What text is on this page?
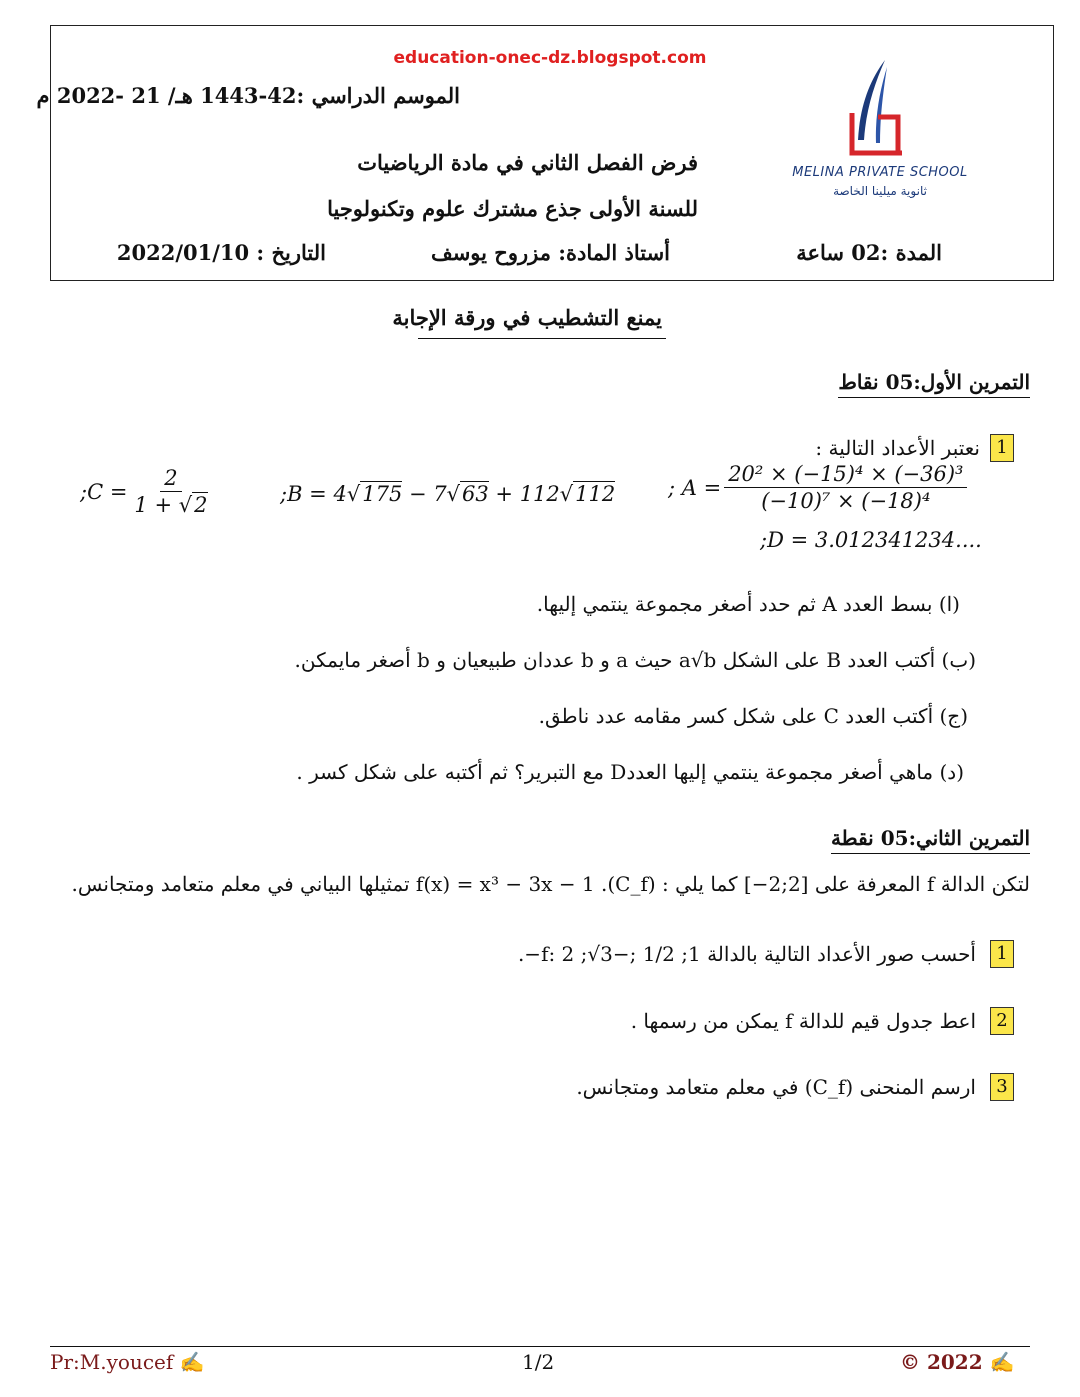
education-onec-dz.blogspot.com
الموسم الدراسي :42-1443 هـ/ 21 -2022 م
فرض الفصل الثاني في مادة الرياضيات
للسنة الأولى جذع مشترك علوم وتكنولوجيا
المدة :02 ساعة
أستاذ المادة: مزروح يوسف
التاريخ : 2022/01/10
MELINA PRIVATE SCHOOL
ثانوية ميلينا الخاصة
يمنع التشطيب في ورقة الإجابة
التمرين الأول:05 نقاط
1
نعتبر الأعداد التالية :
; $A = \frac{\text{20² × (−15)⁴ × (−36)³}}{\text{(−10)⁷ × (−18)⁴}}$
;B = 4√175 − 7√63 + 112√112
;C = $\frac{2}{1 + √2}$
;D = 3.012341234....
(ا) بسط العدد A ثم حدد أصغر مجموعة ينتمي إليها.
(ب) أكتب العدد B على الشكل a√b حيث a و b عددان طبيعيان و b أصغر مايمكن.
(ج) أكتب العدد C على شكل كسر مقامه عدد ناطق.
(د) ماهي أصغر مجموعة ينتمي إليها العددD مع التبرير؟ ثم أكتبه على شكل كسر .
التمرين الثاني:05 نقطة
لتكن الدالة f المعرفة على [2;2−] كما يلي : f(x) = x³ − 3x − 1 .(C_f) تمثيلها البياني في معلم متعامد ومتجانس.
1
أحسب صور الأعداد التالية بالدالة f: 2 ;√3−; 1/2 ;1−.
2
اعط جدول قيم للدالة f يمكن من رسمها .
3
ارسم المنحنى (C_f) في معلم متعامد ومتجانس.
Pr:M.youcef ✍	1/2	© 2022 ✍
